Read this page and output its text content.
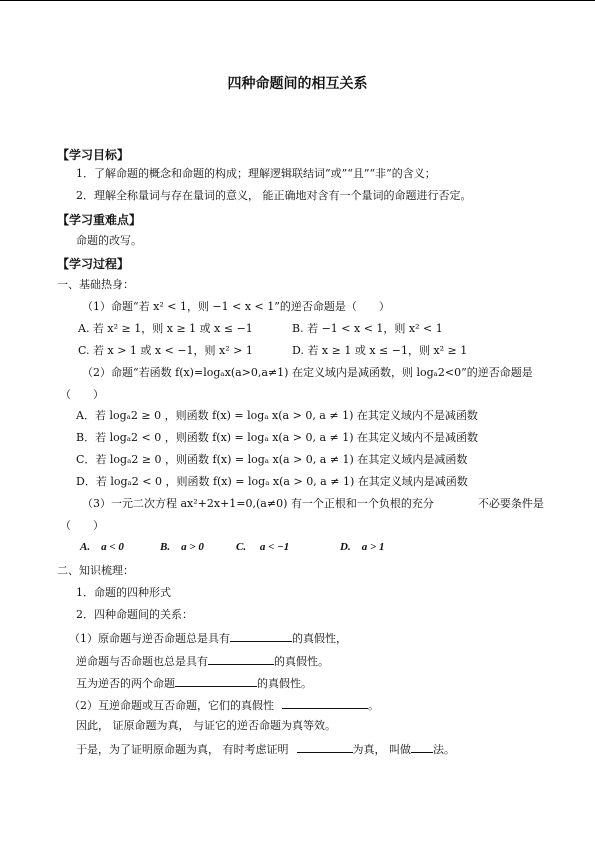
四种命题间的相互关系
【学习目标】
1．了解命题的概念和命题的构成；理解逻辑联结词“或”“且”“非”的含义；
2．理解全称量词与存在量词的意义， 能正确地对含有一个量词的命题进行否定。
【学习重难点】
命题的改写。
【学习过程】
一、基础热身：
（1）命题“若 x² < 1，则 −1 < x < 1”的逆否命题是（　　）
A. 若 x² ≥ 1，则 x ≥ 1 或 x ≤ −1	B. 若 −1 < x < 1，则 x² < 1
C. 若 x > 1 或 x < −1，则 x² > 1	D. 若 x ≥ 1 或 x ≤ −1，则 x² ≥ 1
（2）命题“若函数 f(x)=logₐx(a>0,a≠1) 在定义域内是减函数，则 logₐ2<0”的逆否命题是
（　　）
A．若 logₐ2 ≥ 0 ，则函数 f(x) = logₐ x(a > 0, a ≠ 1) 在其定义域内不是减函数
B．若 logₐ2 < 0 ，则函数 f(x) = logₐ x(a > 0, a ≠ 1) 在其定义域内不是减函数
C．若 logₐ2 ≥ 0 ，则函数 f(x) = logₐ x(a > 0, a ≠ 1) 在其定义域内是减函数
D．若 logₐ2 < 0 ，则函数 f(x) = logₐ x(a > 0, a ≠ 1) 在其定义域内是减函数
（3）一元二次方程 ax²+2x+1=0,(a≠0) 有一个正根和一个负根的充分　　　　不必要条件是
（　　）
A.　a < 0	B.　a > 0	C.　 a < −1	D.　a > 1
二、知识梳理：
1．命题的四种形式
2．四种命题间的关系：
（1）原命题与逆否命题总是具有	的真假性，
逆命题与否命题也总是具有	的真假性。
互为逆否的两个命题	的真假性。
（2）互逆命题或互否命题，它们的真假性	。
因此， 证原命题为真， 与证它的逆否命题为真等效。
于是，为了证明原命题为真， 有时考虑证明	为真， 叫做 法。
